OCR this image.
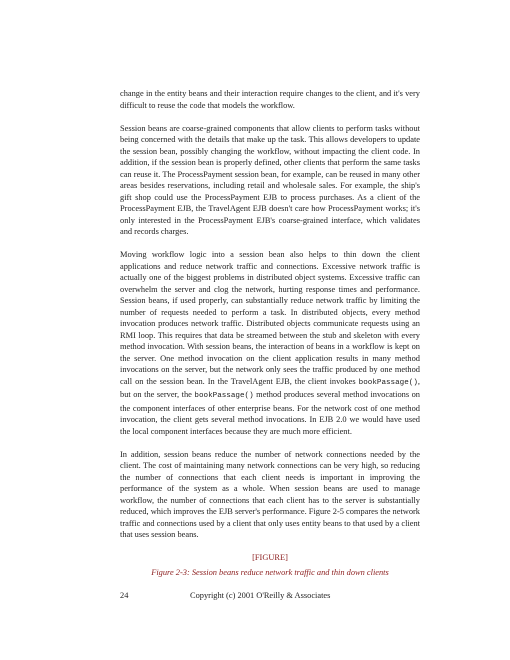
change in the entity beans and their interaction require changes to the client, and it's very difficult to reuse the code that models the workflow.

Session beans are coarse-grained components that allow clients to perform tasks without being concerned with the details that make up the task. This allows developers to update the session bean, possibly changing the workflow, without impacting the client code. In addition, if the session bean is properly defined, other clients that perform the same tasks can reuse it. The ProcessPayment session bean, for example, can be reused in many other areas besides reservations, including retail and wholesale sales. For example, the ship's gift shop could use the ProcessPayment EJB to process purchases. As a client of the ProcessPayment EJB, the TravelAgent EJB doesn't care how ProcessPayment works; it's only interested in the ProcessPayment EJB's coarse-grained interface, which validates and records charges.

Moving workflow logic into a session bean also helps to thin down the client applications and reduce network traffic and connections. Excessive network traffic is actually one of the biggest problems in distributed object systems. Excessive traffic can overwhelm the server and clog the network, hurting response times and performance. Session beans, if used properly, can substantially reduce network traffic by limiting the number of requests needed to perform a task. In distributed objects, every method invocation produces network traffic. Distributed objects communicate requests using an RMI loop. This requires that data be streamed between the stub and skeleton with every method invocation. With session beans, the interaction of beans in a workflow is kept on the server. One method invocation on the client application results in many method invocations on the server, but the network only sees the traffic produced by one method call on the session bean. In the TravelAgent EJB, the client invokes bookPassage(), but on the server, the bookPassage() method produces several method invocations on the component interfaces of other enterprise beans. For the network cost of one method invocation, the client gets several method invocations. In EJB 2.0 we would have used the local component interfaces because they are much more efficient.

In addition, session beans reduce the number of network connections needed by the client. The cost of maintaining many network connections can be very high, so reducing the number of connections that each client needs is important in improving the performance of the system as a whole. When session beans are used to manage workflow, the number of connections that each client has to the server is substantially reduced, which improves the EJB server's performance. Figure 2-5 compares the network traffic and connections used by a client that only uses entity beans to that used by a client that uses session beans.

[FIGURE]
Figure 2-3: Session beans reduce network traffic and thin down clients
24	Copyright (c) 2001 O'Reilly & Associates
